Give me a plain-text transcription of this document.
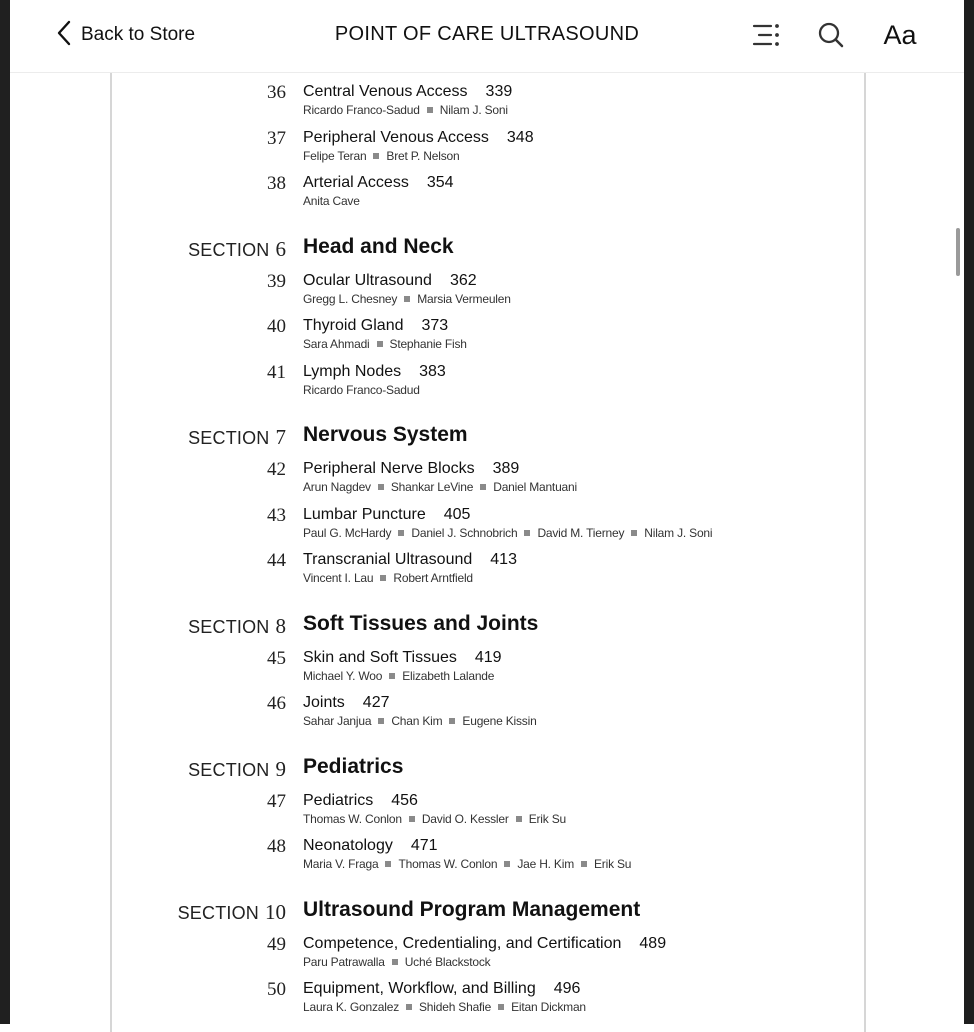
Back to Store	POINT OF CARE ULTRASOUND	Aa
36 Central Venous Access 339
Ricardo Franco-Sadud Nilam J. Soni
37 Peripheral Venous Access 348
Felipe Teran Bret P. Nelson
38 Arterial Access 354
Anita Cave
SECTION 6 Head and Neck
39 Ocular Ultrasound 362
Gregg L. Chesney Marsia Vermeulen
40 Thyroid Gland 373
Sara Ahmadi Stephanie Fish
41 Lymph Nodes 383
Ricardo Franco-Sadud
SECTION 7 Nervous System
42 Peripheral Nerve Blocks 389
Arun Nagdev Shankar LeVine Daniel Mantuani
43 Lumbar Puncture 405
Paul G. McHardy Daniel J. Schnobrich David M. Tierney Nilam J. Soni
44 Transcranial Ultrasound 413
Vincent I. Lau Robert Arntfield
SECTION 8 Soft Tissues and Joints
45 Skin and Soft Tissues 419
Michael Y. Woo Elizabeth Lalande
46 Joints 427
Sahar Janjua Chan Kim Eugene Kissin
SECTION 9 Pediatrics
47 Pediatrics 456
Thomas W. Conlon David O. Kessler Erik Su
48 Neonatology 471
Maria V. Fraga Thomas W. Conlon Jae H. Kim Erik Su
SECTION 10 Ultrasound Program Management
49 Competence, Credentialing, and Certification 489
Paru Patrawalla Uché Blackstock
50 Equipment, Workflow, and Billing 496
Laura K. Gonzalez Shideh Shafie Eitan Dickman
